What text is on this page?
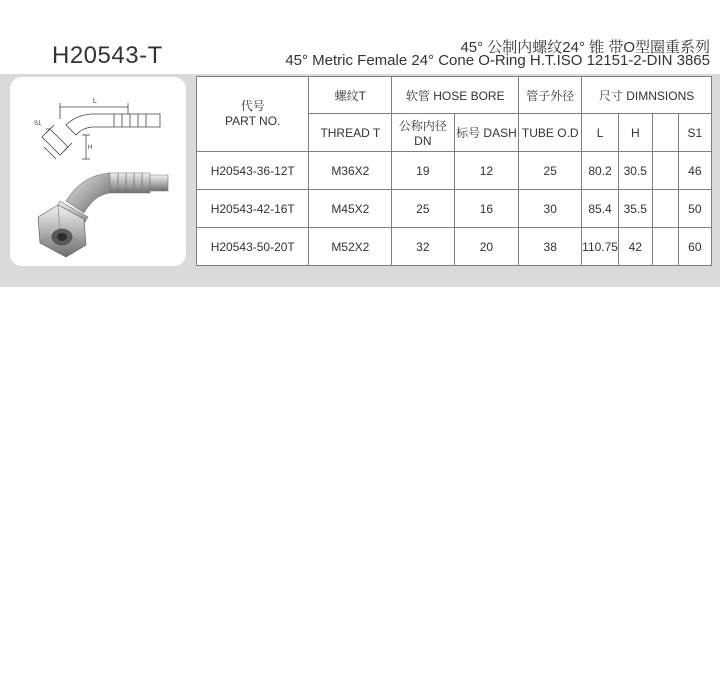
H20543-T	45° 公制内螺纹24° 锥 带O型圈重系列
45° Metric Female 24° Cone O-Ring H.T.ISO 12151-2-DIN 3865
L
H
S1
代号
PART NO.	螺纹T	软管 HOSE BORE		管子外径	尺寸 DIMNSIONS			
	THREAD T	公称内径 DN	标号 DASH	TUBE O.D	L	H		S1
H20543-36-12T	M36X2	19	12	25	80.2	30.5		46
H20543-42-16T	M45X2	25	16	30	85.4	35.5		50
H20543-50-20T	M52X2	32	20	38	110.75	42		60
